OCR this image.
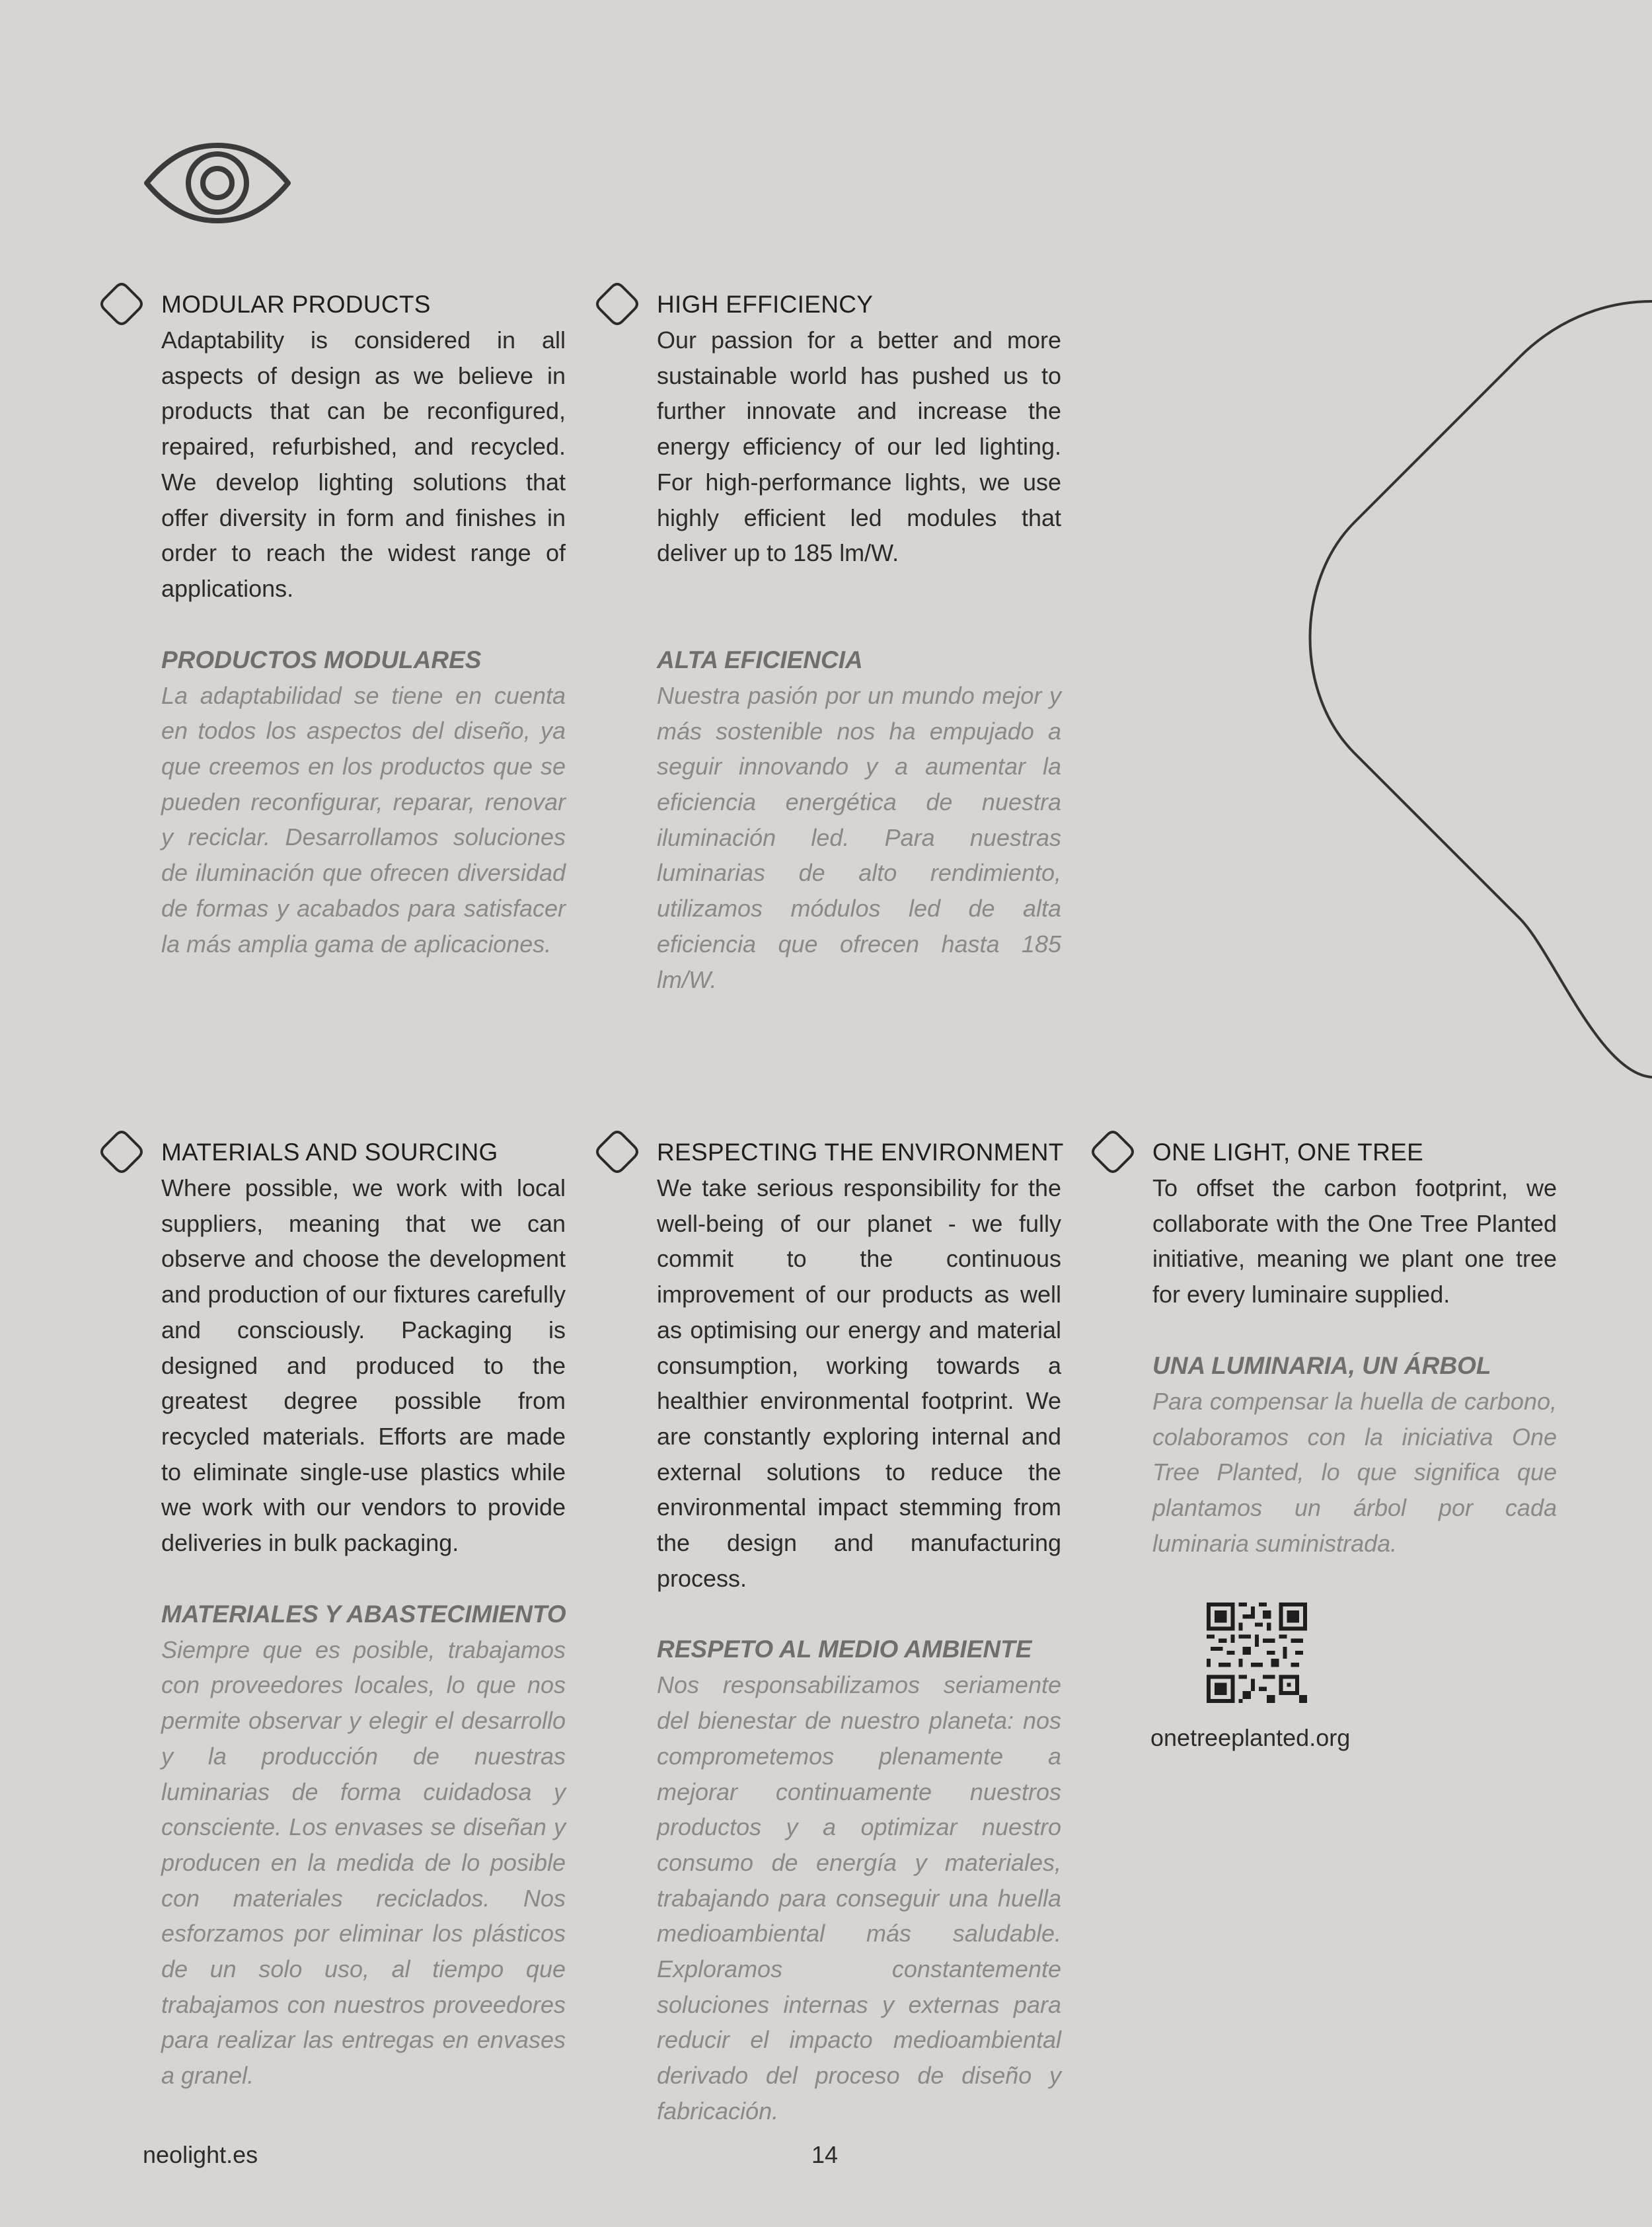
MODULAR PRODUCTS

Adaptability is considered in all aspects of design as we believe in products that can be reconfigured, repaired, refurbished, and recycled. We develop lighting solutions that offer diversity in form and finishes in order to reach the widest range of applications.

PRODUCTOS MODULARES

La adaptabilidad se tiene en cuenta en todos los aspectos del diseño, ya que creemos en los productos que se pueden reconfigurar, reparar, renovar y reciclar. Desarrollamos soluciones de iluminación que ofrecen diversidad de formas y acabados para satisfacer la más amplia gama de aplicaciones.

HIGH EFFICIENCY

Our passion for a better and more sustainable world has pushed us to further innovate and increase the energy efficiency of our led lighting. For high-performance lights, we use highly efficient led modules that deliver up to 185 lm/W.

ALTA EFICIENCIA

Nuestra pasión por un mundo mejor y más sostenible nos ha empujado a seguir innovando y a aumentar la eficiencia energética de nuestra iluminación led. Para nuestras luminarias de alto rendimiento, utilizamos módulos led de alta eficiencia que ofrecen hasta 185 lm/W.

MATERIALS AND SOURCING

Where possible, we work with local suppliers, meaning that we can observe and choose the development and production of our fixtures carefully and consciously. Packaging is designed and produced to the greatest degree possible from recycled materials. Efforts are made to eliminate single-use plastics while we work with our vendors to provide deliveries in bulk packaging.

MATERIALES Y ABASTECIMIENTO

Siempre que es posible, trabajamos con proveedores locales, lo que nos permite observar y elegir el desarrollo y la producción de nuestras luminarias de forma cuidadosa y consciente. Los envases se diseñan y producen en la medida de lo posible con materiales reciclados. Nos esforzamos por eliminar los plásticos de un solo uso, al tiempo que trabajamos con nuestros proveedores para realizar las entregas en envases a granel.

RESPECTING THE ENVIRONMENT

We take serious responsibility for the well-being of our planet - we fully commit to the continuous improvement of our products as well as optimising our energy and material consumption, working towards a healthier environmental footprint. We are constantly exploring internal and external solutions to reduce the environmental impact stemming from the design and manufacturing process.

RESPETO AL MEDIO AMBIENTE

Nos responsabilizamos seriamente del bienestar de nuestro planeta: nos comprometemos plenamente a mejorar continuamente nuestros productos y a optimizar nuestro consumo de energía y materiales, trabajando para conseguir una huella medioambiental más saludable. Exploramos constantemente soluciones internas y externas para reducir el impacto medioambiental derivado del proceso de diseño y fabricación.

ONE LIGHT, ONE TREE

To offset the carbon footprint, we collaborate with the One Tree Planted initiative, meaning we plant one tree for every luminaire supplied.

UNA LUMINARIA, UN ÁRBOL

Para compensar la huella de carbono, colaboramos con la iniciativa One Tree Planted, lo que significa que plantamos un árbol por cada luminaria suministrada.

onetreeplanted.org
neolight.es	14
